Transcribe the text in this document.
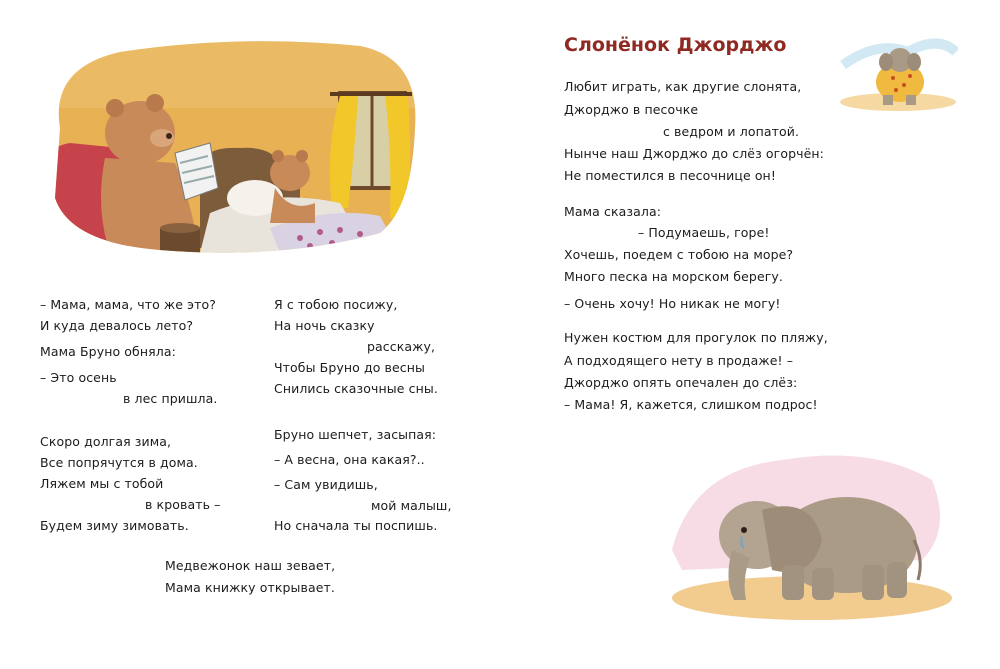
– Мама, мама, что же это?
И куда девалось лето?
Мама Бруно обняла:
– Это осень
в лес пришла.
Скоро долгая зима,
Все попрячутся в дома.
Ляжем мы с тобой
в кровать –
Будем зиму зимовать.
Я с тобою посижу,
На ночь сказку
расскажу,
Чтобы Бруно до весны
Снились сказочные сны.
Бруно шепчет, засыпая:
– А весна, она какая?..
– Сам увидишь,
мой малыш,
Но сначала ты поспишь.
Медвежонок наш зевает,
Мама книжку открывает.
Слонёнок Джорджо
Любит играть, как другие слонята,
Джорджо в песочке
с ведром и лопатой.
Нынче наш Джорджо до слёз огорчён:
Не поместился в песочнице он!
Мама сказала:
– Подумаешь, горе!
Хочешь, поедем с тобою на море?
Много песка на морском берегу.
– Очень хочу! Но никак не могу!
Нужен костюм для прогулок по пляжу,
А подходящего нету в продаже! –
Джорджо опять опечален до слёз:
– Мама! Я, кажется, слишком подрос!
